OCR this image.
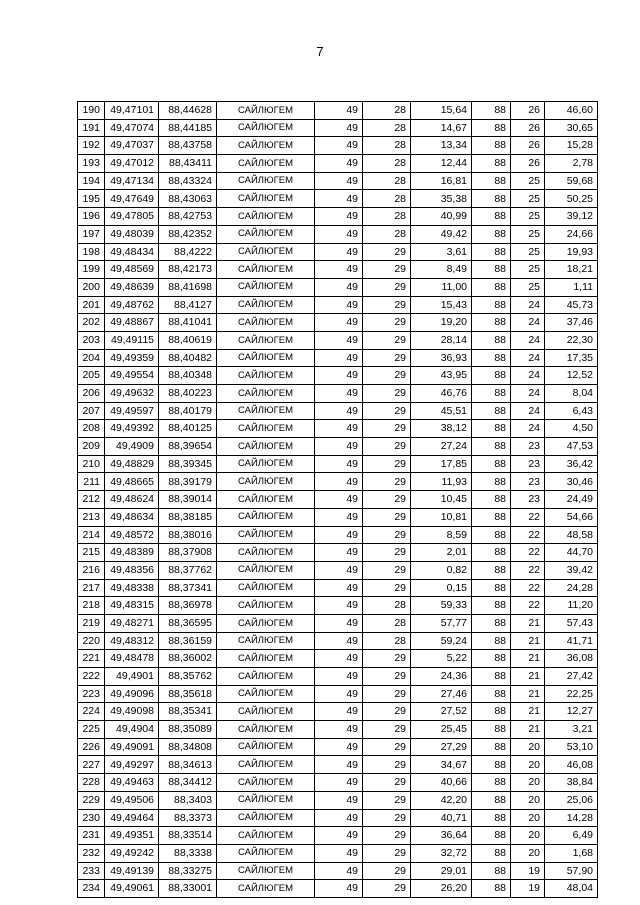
7
190	49,47101	88,44628	САЙЛЮГЕМ	49	28	15,64	88	26	46,60
191	49,47074	88,44185	САЙЛЮГЕМ	49	28	14,67	88	26	30,65
192	49,47037	88,43758	САЙЛЮГЕМ	49	28	13,34	88	26	15,28
193	49,47012	88,43411	САЙЛЮГЕМ	49	28	12,44	88	26	2,78
194	49,47134	88,43324	САЙЛЮГЕМ	49	28	16,81	88	25	59,68
195	49,47649	88,43063	САЙЛЮГЕМ	49	28	35,38	88	25	50,25
196	49,47805	88,42753	САЙЛЮГЕМ	49	28	40,99	88	25	39,12
197	49,48039	88,42352	САЙЛЮГЕМ	49	28	49,42	88	25	24,66
198	49,48434	88,4222	САЙЛЮГЕМ	49	29	3,61	88	25	19,93
199	49,48569	88,42173	САЙЛЮГЕМ	49	29	8,49	88	25	18,21
200	49,48639	88,41698	САЙЛЮГЕМ	49	29	11,00	88	25	1,11
201	49,48762	88,4127	САЙЛЮГЕМ	49	29	15,43	88	24	45,73
202	49,48867	88,41041	САЙЛЮГЕМ	49	29	19,20	88	24	37,46
203	49,49115	88,40619	САЙЛЮГЕМ	49	29	28,14	88	24	22,30
204	49,49359	88,40482	САЙЛЮГЕМ	49	29	36,93	88	24	17,35
205	49,49554	88,40348	САЙЛЮГЕМ	49	29	43,95	88	24	12,52
206	49,49632	88,40223	САЙЛЮГЕМ	49	29	46,76	88	24	8,04
207	49,49597	88,40179	САЙЛЮГЕМ	49	29	45,51	88	24	6,43
208	49,49392	88,40125	САЙЛЮГЕМ	49	29	38,12	88	24	4,50
209	49,4909	88,39654	САЙЛЮГЕМ	49	29	27,24	88	23	47,53
210	49,48829	88,39345	САЙЛЮГЕМ	49	29	17,85	88	23	36,42
211	49,48665	88,39179	САЙЛЮГЕМ	49	29	11,93	88	23	30,46
212	49,48624	88,39014	САЙЛЮГЕМ	49	29	10,45	88	23	24,49
213	49,48634	88,38185	САЙЛЮГЕМ	49	29	10,81	88	22	54,66
214	49,48572	88,38016	САЙЛЮГЕМ	49	29	8,59	88	22	48,58
215	49,48389	88,37908	САЙЛЮГЕМ	49	29	2,01	88	22	44,70
216	49,48356	88,37762	САЙЛЮГЕМ	49	29	0,82	88	22	39,42
217	49,48338	88,37341	САЙЛЮГЕМ	49	29	0,15	88	22	24,28
218	49,48315	88,36978	САЙЛЮГЕМ	49	28	59,33	88	22	11,20
219	49,48271	88,36595	САЙЛЮГЕМ	49	28	57,77	88	21	57,43
220	49,48312	88,36159	САЙЛЮГЕМ	49	28	59,24	88	21	41,71
221	49,48478	88,36002	САЙЛЮГЕМ	49	29	5,22	88	21	36,08
222	49,4901	88,35762	САЙЛЮГЕМ	49	29	24,36	88	21	27,42
223	49,49096	88,35618	САЙЛЮГЕМ	49	29	27,46	88	21	22,25
224	49,49098	88,35341	САЙЛЮГЕМ	49	29	27,52	88	21	12,27
225	49,4904	88,35089	САЙЛЮГЕМ	49	29	25,45	88	21	3,21
226	49,49091	88,34808	САЙЛЮГЕМ	49	29	27,29	88	20	53,10
227	49,49297	88,34613	САЙЛЮГЕМ	49	29	34,67	88	20	46,08
228	49,49463	88,34412	САЙЛЮГЕМ	49	29	40,66	88	20	38,84
229	49,49506	88,3403	САЙЛЮГЕМ	49	29	42,20	88	20	25,06
230	49,49464	88,3373	САЙЛЮГЕМ	49	29	40,71	88	20	14,28
231	49,49351	88,33514	САЙЛЮГЕМ	49	29	36,64	88	20	6,49
232	49,49242	88,3338	САЙЛЮГЕМ	49	29	32,72	88	20	1,68
233	49,49139	88,33275	САЙЛЮГЕМ	49	29	29,01	88	19	57,90
234	49,49061	88,33001	САЙЛЮГЕМ	49	29	26,20	88	19	48,04
